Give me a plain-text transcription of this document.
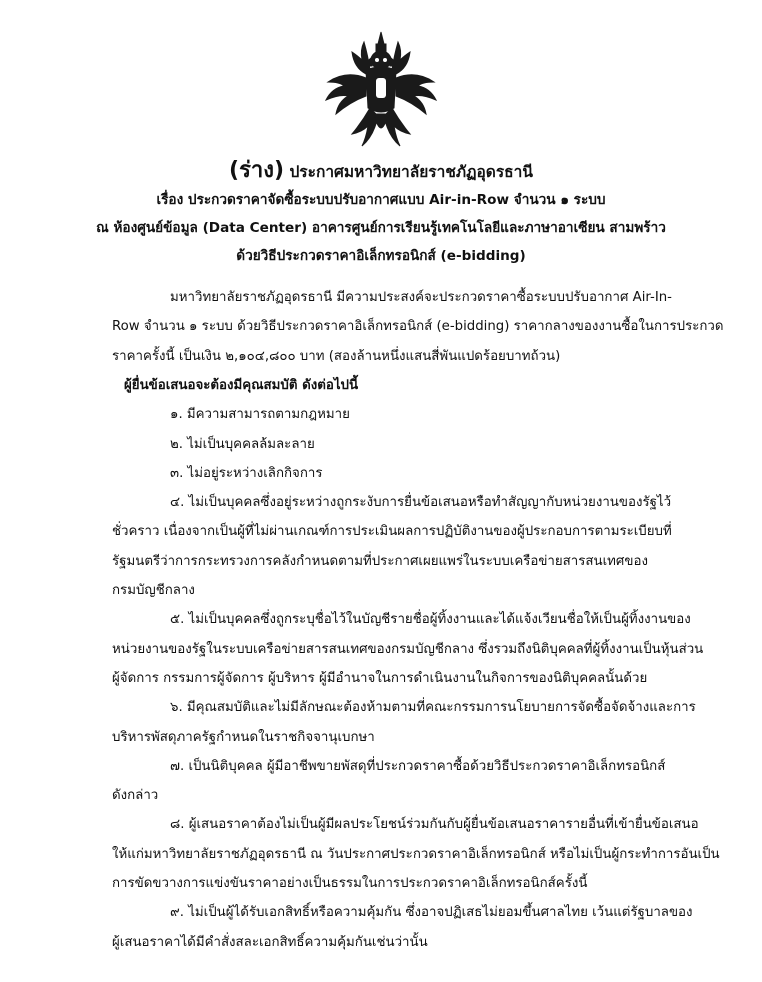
(ร่าง) ประกาศมหาวิทยาลัยราชภัฏอุดรธานี
เรื่อง ประกวดราคาจัดซื้อระบบปรับอากาศแบบ Air-in-Row จำนวน ๑ ระบบ
ณ ห้องศูนย์ข้อมูล (Data Center) อาคารศูนย์การเรียนรู้เทคโนโลยีและภาษาอาเซียน สามพร้าว
ด้วยวิธีประกวดราคาอิเล็กทรอนิกส์ (e-bidding)
มหาวิทยาลัยราชภัฏอุดรธานี มีความประสงค์จะประกวดราคาซื้อระบบปรับอากาศ Air-In-
Row จำนวน ๑ ระบบ ด้วยวิธีประกวดราคาอิเล็กทรอนิกส์ (e-bidding) ราคากลางของงานซื้อในการประกวด
ราคาครั้งนี้ เป็นเงิน ๒,๑๐๔,๘๐๐ บาท (สองล้านหนึ่งแสนสี่พันแปดร้อยบาทถ้วน)
ผู้ยื่นข้อเสนอจะต้องมีคุณสมบัติ ดังต่อไปนี้
๑. มีความสามารถตามกฎหมาย
๒. ไม่เป็นบุคคลล้มละลาย
๓. ไม่อยู่ระหว่างเลิกกิจการ
๔. ไม่เป็นบุคคลซึ่งอยู่ระหว่างถูกระงับการยื่นข้อเสนอหรือทำสัญญากับหน่วยงานของรัฐไว้
ชั่วคราว เนื่องจากเป็นผู้ที่ไม่ผ่านเกณฑ์การประเมินผลการปฏิบัติงานของผู้ประกอบการตามระเบียบที่
รัฐมนตรีว่าการกระทรวงการคลังกำหนดตามที่ประกาศเผยแพร่ในระบบเครือข่ายสารสนเทศของ
กรมบัญชีกลาง
๕. ไม่เป็นบุคคลซึ่งถูกระบุชื่อไว้ในบัญชีรายชื่อผู้ทิ้งงานและได้แจ้งเวียนชื่อให้เป็นผู้ทิ้งงานของ
หน่วยงานของรัฐในระบบเครือข่ายสารสนเทศของกรมบัญชีกลาง ซึ่งรวมถึงนิติบุคคลที่ผู้ทิ้งงานเป็นหุ้นส่วน
ผู้จัดการ กรรมการผู้จัดการ ผู้บริหาร ผู้มีอำนาจในการดำเนินงานในกิจการของนิติบุคคลนั้นด้วย
๖. มีคุณสมบัติและไม่มีลักษณะต้องห้ามตามที่คณะกรรมการนโยบายการจัดซื้อจัดจ้างและการ
บริหารพัสดุภาครัฐกำหนดในราชกิจจานุเบกษา
๗. เป็นนิติบุคคล ผู้มีอาชีพขายพัสดุที่ประกวดราคาซื้อด้วยวิธีประกวดราคาอิเล็กทรอนิกส์
ดังกล่าว
๘. ผู้เสนอราคาต้องไม่เป็นผู้มีผลประโยชน์ร่วมกันกับผู้ยื่นข้อเสนอราคารายอื่นที่เข้ายื่นข้อเสนอ
ให้แก่มหาวิทยาลัยราชภัฏอุดรธานี ณ วันประกาศประกวดราคาอิเล็กทรอนิกส์ หรือไม่เป็นผู้กระทำการอันเป็น
การขัดขวางการแข่งขันราคาอย่างเป็นธรรมในการประกวดราคาอิเล็กทรอนิกส์ครั้งนี้
๙. ไม่เป็นผู้ได้รับเอกสิทธิ์หรือความคุ้มกัน ซึ่งอาจปฏิเสธไม่ยอมขึ้นศาลไทย เว้นแต่รัฐบาลของ
ผู้เสนอราคาได้มีคำสั่งสละเอกสิทธิ์ความคุ้มกันเช่นว่านั้น
